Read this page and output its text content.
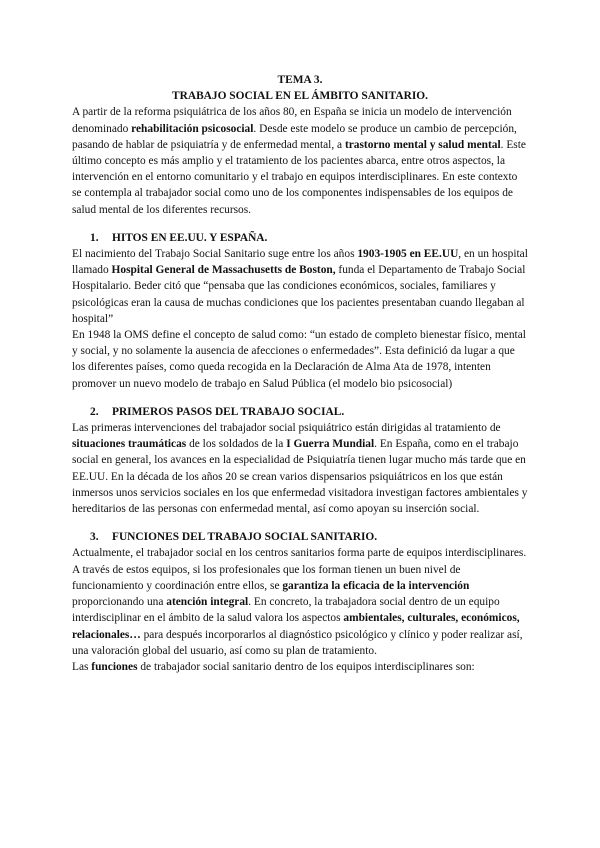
TEMA 3.
TRABAJO SOCIAL EN EL ÁMBITO SANITARIO.

A partir de la reforma psiquiátrica de los años 80, en España se inicia un modelo de intervención denominado rehabilitación psicosocial. Desde este modelo se produce un cambio de percepción, pasando de hablar de psiquiatría y de enfermedad mental, a trastorno mental y salud mental. Este último concepto es más amplio y el tratamiento de los pacientes abarca, entre otros aspectos, la intervención en el entorno comunitario y el trabajo en equipos interdisciplinares. En este contexto se contempla al trabajador social como uno de los componentes indispensables de los equipos de salud mental de los diferentes recursos.

1.	HITOS EN EE.UU. Y ESPAÑA.

El nacimiento del Trabajo Social Sanitario suge entre los años 1903-1905 en EE.UU, en un hospital llamado Hospital General de Massachusetts de Boston, funda el Departamento de Trabajo Social Hospitalario. Beder citó que “pensaba que las condiciones económicos, sociales, familiares y psicológicas eran la causa de muchas condiciones que los pacientes presentaban cuando llegaban al hospital”

En 1948 la OMS define el concepto de salud como: “un estado de completo bienestar físico, mental y social, y no solamente la ausencia de afecciones o enfermedades”. Esta definició da lugar a que los diferentes países, como queda recogida en la Declaración de Alma Ata de 1978, intenten promover un nuevo modelo de trabajo en Salud Pública (el modelo bio psicosocial)

2.	PRIMEROS PASOS DEL TRABAJO SOCIAL.

Las primeras intervenciones del trabajador social psiquiátrico están dirigidas al tratamiento de situaciones traumáticas de los soldados de la I Guerra Mundial. En España, como en el trabajo social en general, los avances en la especialidad de Psiquiatría tienen lugar mucho más tarde que en EE.UU. En la década de los años 20 se crean varios dispensarios psiquiátricos en los que están inmersos unos servicios sociales en los que enfermedad visitadora investigan factores ambientales y hereditarios de las personas con enfermedad mental, así como apoyan su inserción social.

3.	FUNCIONES DEL TRABAJO SOCIAL SANITARIO.

Actualmente, el trabajador social en los centros sanitarios forma parte de equipos interdisciplinares. A través de estos equipos, si los profesionales que los forman tienen un buen nivel de funcionamiento y coordinación entre ellos, se garantiza la eficacia de la intervención proporcionando una atención integral. En concreto, la trabajadora social dentro de un equipo interdisciplinar en el ámbito de la salud valora los aspectos ambientales, culturales, económicos, relacionales… para después incorporarlos al diagnóstico psicológico y clínico y poder realizar así, una valoración global del usuario, así como su plan de tratamiento.

Las funciones de trabajador social sanitario dentro de los equipos interdisciplinares son:
